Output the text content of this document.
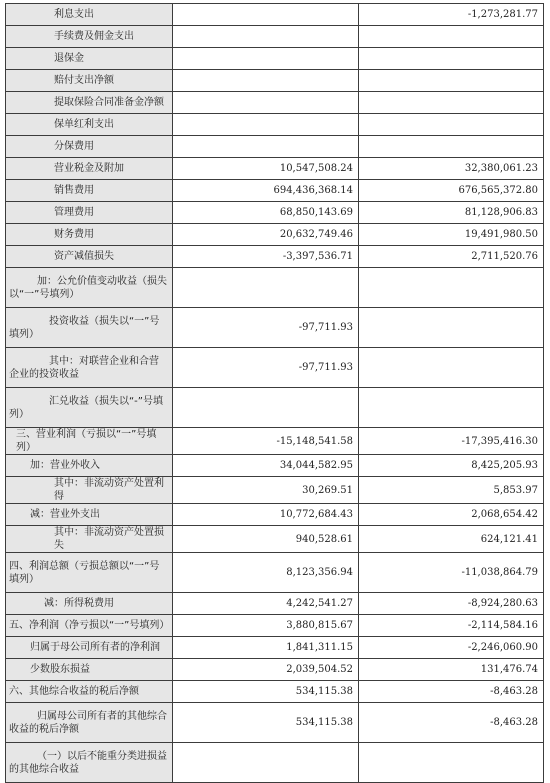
利息支出		-1,273,281.77
手续费及佣金支出		
退保金		
赔付支出净额		
提取保险合同准备金净额		
保单红利支出		
分保费用		
营业税金及附加	10,547,508.24	32,380,061.23
销售费用	694,436,368.14	676,565,372.80
管理费用	68,850,143.69	81,128,906.83
财务费用	20,632,749.46	19,491,980.50
资产减值损失	-3,397,536.71	2,711,520.76
加：公允价值变动收益（损失以“一”号填列）		
投资收益（损失以“一”号填列）	-97,711.93	
其中：对联营企业和合营企业的投资收益	-97,711.93	
汇兑收益（损失以“-”号填列）		
三、营业利润（亏损以“一”号填列）	-15,148,541.58	-17,395,416.30
加：营业外收入	34,044,582.95	8,425,205.93
其中：非流动资产处置利得	30,269.51	5,853.97
减：营业外支出	10,772,684.43	2,068,654.42
其中：非流动资产处置损失	940,528.61	624,121.41
四、利润总额（亏损总额以“一”号填列）	8,123,356.94	-11,038,864.79
减：所得税费用	4,242,541.27	-8,924,280.63
五、净利润（净亏损以“一”号填列）	3,880,815.67	-2,114,584.16
归属于母公司所有者的净利润	1,841,311.15	-2,246,060.90
少数股东损益	2,039,504.52	131,476.74
六、其他综合收益的税后净额	534,115.38	-8,463.28
归属母公司所有者的其他综合收益的税后净额	534,115.38	-8,463.28
（一）以后不能重分类进损益的其他综合收益		
